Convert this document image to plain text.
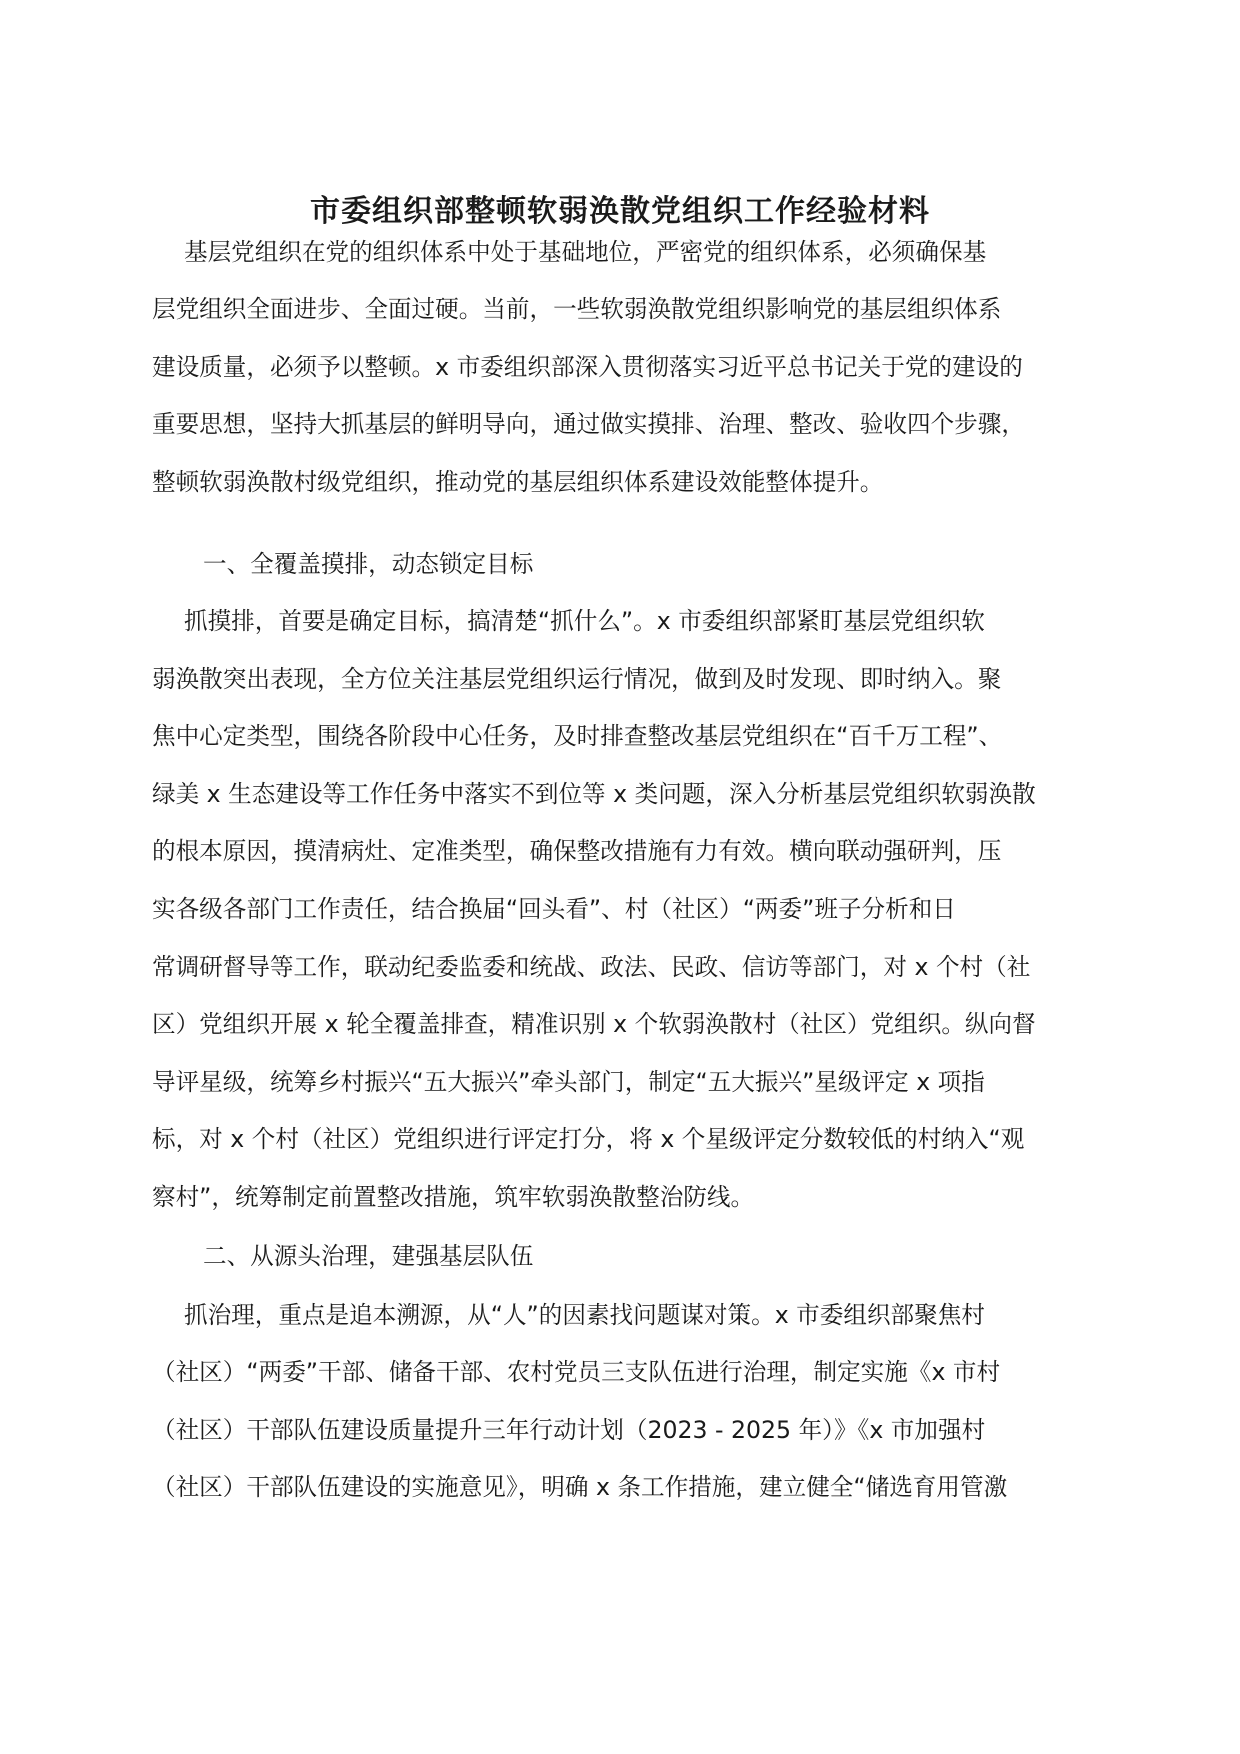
市委组织部整顿软弱涣散党组织工作经验材料
基层党组织在党的组织体系中处于基础地位，严密党的组织体系，必须确保基
层党组织全面进步、全面过硬。当前，一些软弱涣散党组织影响党的基层组织体系
建设质量，必须予以整顿。x 市委组织部深入贯彻落实习近平总书记关于党的建设的
重要思想，坚持大抓基层的鲜明导向，通过做实摸排、治理、整改、验收四个步骤，
整顿软弱涣散村级党组织，推动党的基层组织体系建设效能整体提升。
一、全覆盖摸排，动态锁定目标
抓摸排，首要是确定目标，搞清楚“抓什么”。x 市委组织部紧盯基层党组织软
弱涣散突出表现，全方位关注基层党组织运行情况，做到及时发现、即时纳入。聚
焦中心定类型，围绕各阶段中心任务，及时排查整改基层党组织在“百千万工程”、
绿美 x 生态建设等工作任务中落实不到位等 x 类问题，深入分析基层党组织软弱涣散
的根本原因，摸清病灶、定准类型，确保整改措施有力有效。横向联动强研判，压
实各级各部门工作责任，结合换届“回头看”、村（社区）“两委”班子分析和日
常调研督导等工作，联动纪委监委和统战、政法、民政、信访等部门，对 x 个村（社
区）党组织开展 x 轮全覆盖排查，精准识别 x 个软弱涣散村（社区）党组织。纵向督
导评星级，统筹乡村振兴“五大振兴”牵头部门，制定“五大振兴”星级评定 x 项指
标，对 x 个村（社区）党组织进行评定打分，将 x 个星级评定分数较低的村纳入“观
察村”，统筹制定前置整改措施，筑牢软弱涣散整治防线。
二、从源头治理，建强基层队伍
抓治理，重点是追本溯源，从“人”的因素找问题谋对策。x 市委组织部聚焦村
（社区）“两委”干部、储备干部、农村党员三支队伍进行治理，制定实施《x 市村
（社区）干部队伍建设质量提升三年行动计划（2023 - 2025 年）》《x 市加强村
（社区）干部队伍建设的实施意见》，明确 x 条工作措施，建立健全“储选育用管激
